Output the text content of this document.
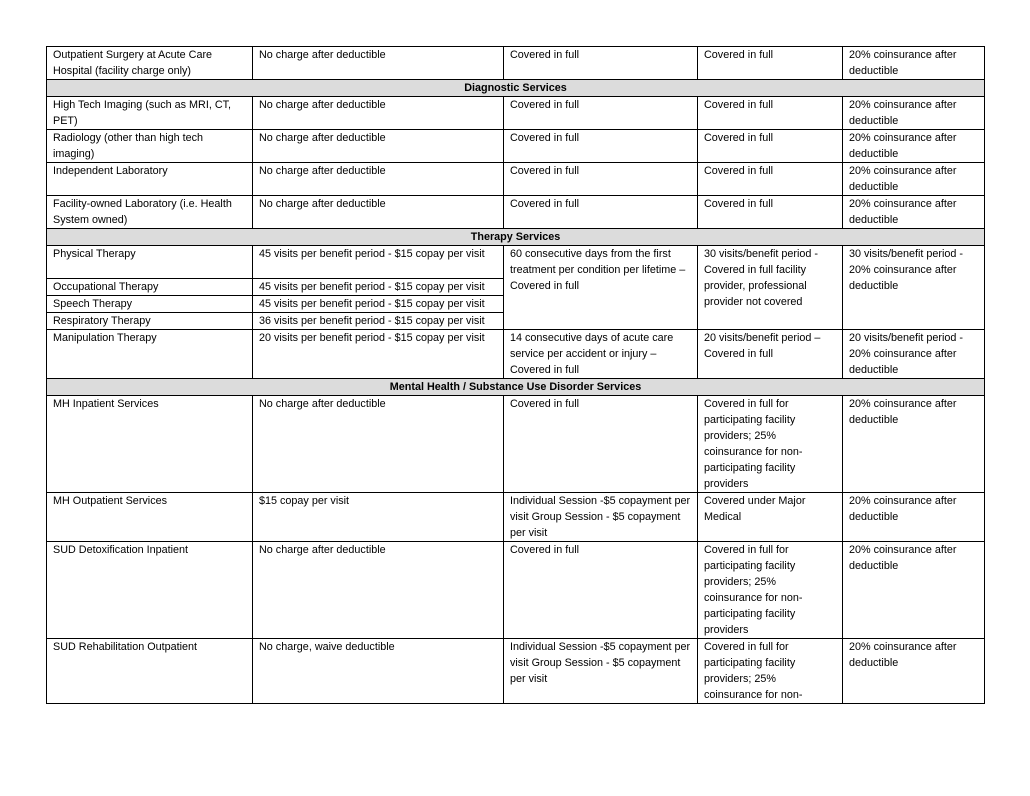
Outpatient Surgery at Acute Care Hospital (facility charge only)	No charge after deductible	Covered in full	Covered in full	20% coinsurance after deductible
Diagnostic Services				
High Tech Imaging (such as MRI, CT, PET)	No charge after deductible	Covered in full	Covered in full	20% coinsurance after deductible
Radiology (other than high tech imaging)	No charge after deductible	Covered in full	Covered in full	20% coinsurance after deductible
Independent Laboratory	No charge after deductible	Covered in full	Covered in full	20% coinsurance after deductible
Facility-owned Laboratory (i.e. Health System owned)	No charge after deductible	Covered in full	Covered in full	20% coinsurance after deductible
Therapy Services				
Physical Therapy	45 visits per benefit period - $15 copay per visit	60 consecutive days from the first treatment per condition per lifetime – Covered in full	30 visits/benefit period - Covered in full facility provider, professional provider not covered	30 visits/benefit period - 20% coinsurance after deductible
Occupational Therapy	45 visits per benefit period - $15 copay per visit			
Speech Therapy	45 visits per benefit period - $15 copay per visit			
Respiratory Therapy	36 visits per benefit period - $15 copay per visit			
Manipulation Therapy	20 visits per benefit period - $15 copay per visit	14 consecutive days of acute care service per accident or injury – Covered in full	20 visits/benefit period – Covered in full	20 visits/benefit period - 20% coinsurance after deductible
Mental Health / Substance Use Disorder Services				
MH Inpatient Services	No charge after deductible	Covered in full	Covered in full for participating facility providers; 25% coinsurance for non-participating facility providers	20% coinsurance after deductible
MH Outpatient Services	$15 copay per visit	Individual Session -$5 copayment per visit Group Session - $5 copayment per visit	Covered under Major Medical	20% coinsurance after deductible
SUD Detoxification Inpatient	No charge after deductible	Covered in full	Covered in full for participating facility providers; 25% coinsurance for non-participating facility providers	20% coinsurance after deductible
SUD Rehabilitation Outpatient	No charge, waive deductible	Individual Session -$5 copayment per visit Group Session - $5 copayment per visit	Covered in full for participating facility providers; 25% coinsurance for non-	20% coinsurance after deductible
